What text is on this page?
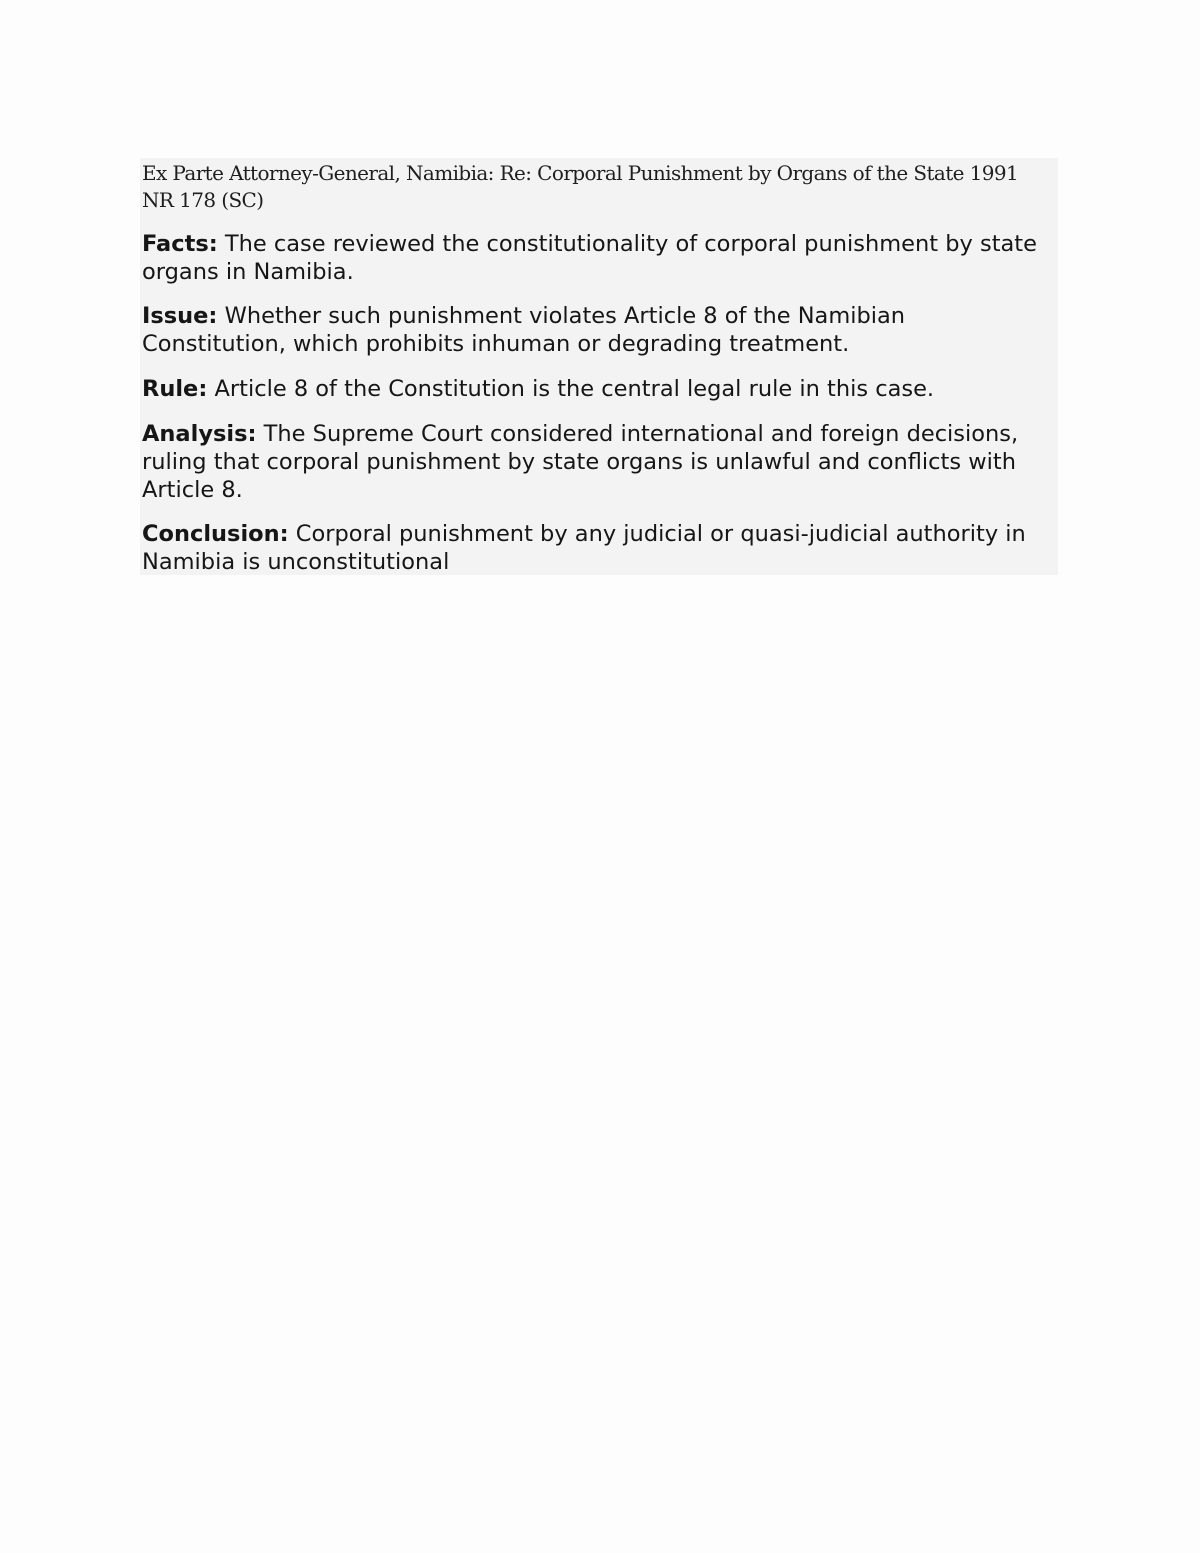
Ex Parte Attorney-General, Namibia: Re: Corporal Punishment by Organs of the State 1991 NR 178 (SC)

Facts: The case reviewed the constitutionality of corporal punishment by state organs in Namibia.

Issue: Whether such punishment violates Article 8 of the Namibian Constitution, which prohibits inhuman or degrading treatment.

Rule: Article 8 of the Constitution is the central legal rule in this case.

Analysis: The Supreme Court considered international and foreign decisions, ruling that corporal punishment by state organs is unlawful and conflicts with Article 8.

Conclusion: Corporal punishment by any judicial or quasi-judicial authority in Namibia is unconstitutional
